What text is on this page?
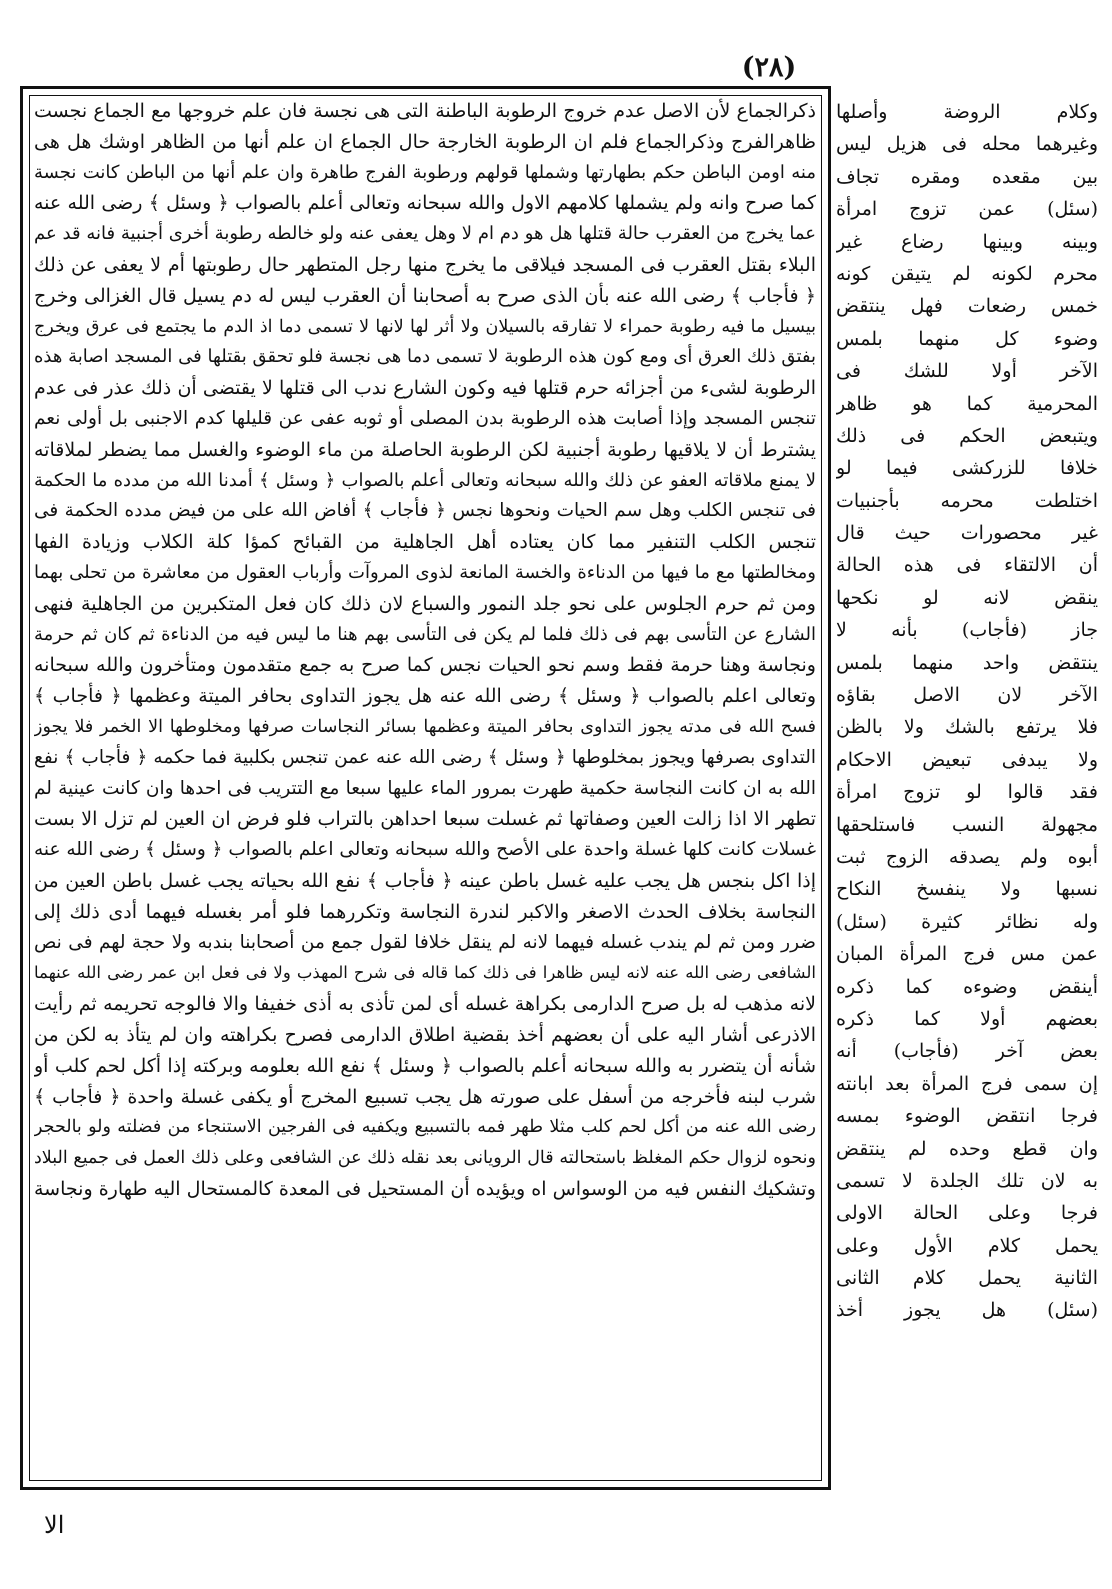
(٢٨)
ذكرالجماع لأن الاصل عدم خروج الرطوبة الباطنة التى هى نجسة فان علم خروجها مع الجماع نجست
ظاهرالفرج وذكرالجماع فلم ان الرطوبة الخارجة حال الجماع ان علم أنها من الظاهر اوشك هل هى
منه اومن الباطن حكم بطهارتها وشملها قولهم ورطوبة الفرج طاهرة وان علم أنها من الباطن كانت نجسة
كما صرح وانه ولم يشملها كلامهم الاول والله سبحانه وتعالى أعلم بالصواب ﴿ وسئل ﴾ رضى الله عنه
عما يخرج من العقرب حالة قتلها هل هو دم ام لا وهل يعفى عنه ولو خالطه رطوبة أخرى أجنبية فانه قد عم
البلاء بقتل العقرب فى المسجد فيلاقى ما يخرج منها رجل المتطهر حال رطوبتها أم لا يعفى عن ذلك
﴿ فأجاب ﴾ رضى الله عنه بأن الذى صرح به أصحابنا أن العقرب ليس له دم يسيل قال الغزالى وخرج
بيسيل ما فيه رطوبة حمراء لا تفارقه بالسيلان ولا أثر لها لانها لا تسمى دما اذ الدم ما يجتمع فى عرق ويخرج
بفتق ذلك العرق أى ومع كون هذه الرطوبة لا تسمى دما هى نجسة فلو تحقق بقتلها فى المسجد اصابة هذه
الرطوبة لشىء من أجزائه حرم قتلها فيه وكون الشارع ندب الى قتلها لا يقتضى أن ذلك عذر فى عدم
تنجس المسجد وإذا أصابت هذه الرطوبة بدن المصلى أو ثوبه عفى عن قليلها كدم الاجنبى بل أولى نعم
يشترط أن لا يلاقيها رطوبة أجنبية لكن الرطوبة الحاصلة من ماء الوضوء والغسل مما يضطر لملاقاته
لا يمنع ملاقاته العفو عن ذلك والله سبحانه وتعالى أعلم بالصواب ﴿ وسئل ﴾ أمدنا الله من مدده ما الحكمة
فى تنجس الكلب وهل سم الحيات ونحوها نجس ﴿ فأجاب ﴾ أفاض الله على من فيض مدده الحكمة فى
تنجس الكلب التنفير مما كان يعتاده أهل الجاهلية من القبائح كمؤا كلة الكلاب وزيادة الفها
ومخالطتها مع ما فيها من الدناءة والخسة المانعة لذوى المروآت وأرباب العقول من معاشرة من تحلى بهما
ومن ثم حرم الجلوس على نحو جلد النمور والسباع لان ذلك كان فعل المتكبرين من الجاهلية فنهى
الشارع عن التأسى بهم فى ذلك فلما لم يكن فى التأسى بهم هنا ما ليس فيه من الدناءة ثم كان ثم حرمة
ونجاسة وهنا حرمة فقط وسم نحو الحيات نجس كما صرح به جمع متقدمون ومتأخرون والله سبحانه
وتعالى اعلم بالصواب ﴿ وسئل ﴾ رضى الله عنه هل يجوز التداوى بحافر الميتة وعظمها ﴿ فأجاب ﴾
فسح الله فى مدته يجوز التداوى بحافر الميتة وعظمها بسائر النجاسات صرفها ومخلوطها الا الخمر فلا يجوز
التداوى بصرفها ويجوز بمخلوطها ﴿ وسئل ﴾ رضى الله عنه عمن تنجس بكلبية فما حكمه ﴿ فأجاب ﴾ نفع
الله به ان كانت النجاسة حكمية طهرت بمرور الماء عليها سبعا مع التتريب فى احدها وان كانت عينية لم
تطهر الا اذا زالت العين وصفاتها ثم غسلت سبعا احداهن بالتراب فلو فرض ان العين لم تزل الا بست
غسلات كانت كلها غسلة واحدة على الأصح والله سبحانه وتعالى اعلم بالصواب ﴿ وسئل ﴾ رضى الله عنه
إذا اكل بنجس هل يجب عليه غسل باطن عينه ﴿ فأجاب ﴾ نفع الله بحياته يجب غسل باطن العين من
النجاسة بخلاف الحدث الاصغر والاكبر لندرة النجاسة وتكررهما فلو أمر بغسله فيهما أدى ذلك إلى
ضرر ومن ثم لم يندب غسله فيهما لانه لم ينقل خلافا لقول جمع من أصحابنا بندبه ولا حجة لهم فى نص
الشافعى رضى الله عنه لانه ليس ظاهرا فى ذلك كما قاله فى شرح المهذب ولا فى فعل ابن عمر رضى الله عنهما
لانه مذهب له بل صرح الدارمى بكراهة غسله أى لمن تأذى به أذى خفيفا والا فالوجه تحريمه ثم رأيت
الاذرعى أشار اليه على أن بعضهم أخذ بقضية اطلاق الدارمى فصرح بكراهته وان لم يتأذ به لكن من
شأنه أن يتضرر به والله سبحانه أعلم بالصواب ﴿ وسئل ﴾ نفع الله بعلومه وبركته إذا أكل لحم كلب أو
شرب لبنه فأخرجه من أسفل على صورته هل يجب تسبيع المخرج أو يكفى غسلة واحدة ﴿ فأجاب ﴾
رضى الله عنه من أكل لحم كلب مثلا طهر فمه بالتسبيع ويكفيه فى الفرجين الاستنجاء من فضلته ولو بالحجر
ونحوه لزوال حكم المغلظ باستحالته قال الرويانى بعد نقله ذلك عن الشافعى وعلى ذلك العمل فى جميع البلاد
وتشكيك النفس فيه من الوسواس اه ويؤيده أن المستحيل فى المعدة كالمستحال اليه طهارة ونجاسة
وكلام الروضة وأصلها
وغيرهما محله فى هزيل ليس
بين مقعده ومقره تجاف
(سئل) عمن تزوج امرأة
وبينه وبينها رضاع غير
محرم لكونه لم يتيقن كونه
خمس رضعات فهل ينتقض
وضوء كل منهما بلمس
الآخر أولا للشك فى
المحرمية كما هو ظاهر
ويتبعض الحكم فى ذلك
خلافا للزركشى فيما لو
اختلطت محرمه بأجنبيات
غير محصورات حيث قال
أن الالتقاء فى هذه الحالة
ينقض لانه لو نكحها
جاز (فأجاب) بأنه لا
ينتقض واحد منهما بلمس
الآخر لان الاصل بقاؤه
فلا يرتفع بالشك ولا بالظن
ولا يبدفى تبعيض الاحكام
فقد قالوا لو تزوج امرأة
مجهولة النسب فاستلحقها
أبوه ولم يصدقه الزوج ثبت
نسبها ولا ينفسخ النكاح
وله نظائر كثيرة (سئل)
عمن مس فرج المرأة المبان
أينقض وضوءه كما ذكره
بعضهم أولا كما ذكره
بعض آخر (فأجاب) أنه
إن سمى فرج المرأة بعد ابانته
فرجا انتقض الوضوء بمسه
وان قطع وحده لم ينتقض
به لان تلك الجلدة لا تسمى
فرجا وعلى الحالة الاولى
يحمل كلام الأول وعلى
الثانية يحمل كلام الثانى
(سئل) هل يجوز أخذ
الا
